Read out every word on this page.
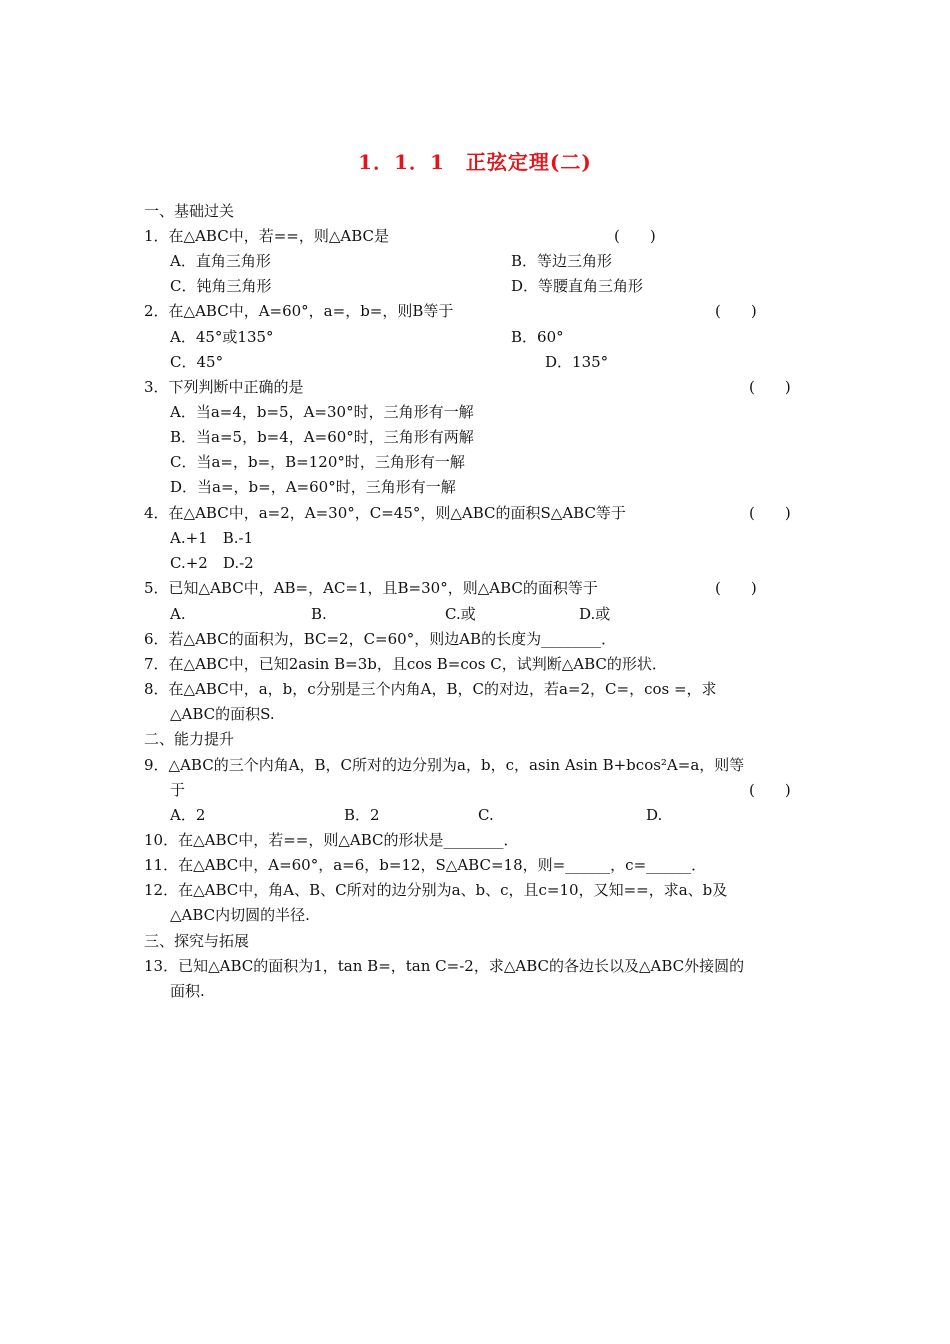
1．1．1　正弦定理(二)
一、基础过关
1．在△ABC中，若==，则△ABC是	(　　)
A．直角三角形	B．等边三角形
C．钝角三角形	D．等腰直角三角形
2．在△ABC中，A=60°，a=，b=，则B等于	(　　)
A．45°或135°	B．60°
C．45°	D．135°
3．下列判断中正确的是	(　　)
A．当a=4，b=5，A=30°时，三角形有一解
B．当a=5，b=4，A=60°时，三角形有两解
C．当a=，b=，B=120°时，三角形有一解
D．当a=，b=，A=60°时，三角形有一解
4．在△ABC中，a=2，A=30°，C=45°，则△ABC的面积S△ABC等于	(　　)
A.+1　B.-1
C.+2　D.-2
5．已知△ABC中，AB=，AC=1，且B=30°，则△ABC的面积等于	(　　)
A.	B.	C.或	D.或
6．若△ABC的面积为，BC=2，C=60°，则边AB的长度为________．
7．在△ABC中，已知2asin B=3b，且cos B=cos C，试判断△ABC的形状．
8．在△ABC中，a，b，c分别是三个内角A，B，C的对边，若a=2，C=，cos =，求
△ABC的面积S.
二、能力提升
9．△ABC的三个内角A，B，C所对的边分别为a，b，c，asin Asin B+bcos²A=a，则等
于	(　　)
A．2	B．2	C.	D.
10．在△ABC中，若==，则△ABC的形状是________．
11．在△ABC中，A=60°，a=6，b=12，S△ABC=18，则=______，c=______．
12．在△ABC中，角A、B、C所对的边分别为a、b、c，且c=10，又知==，求a、b及
△ABC内切圆的半径.
三、探究与拓展
13．已知△ABC的面积为1，tan B=，tan C=-2，求△ABC的各边长以及△ABC外接圆的
面积.
